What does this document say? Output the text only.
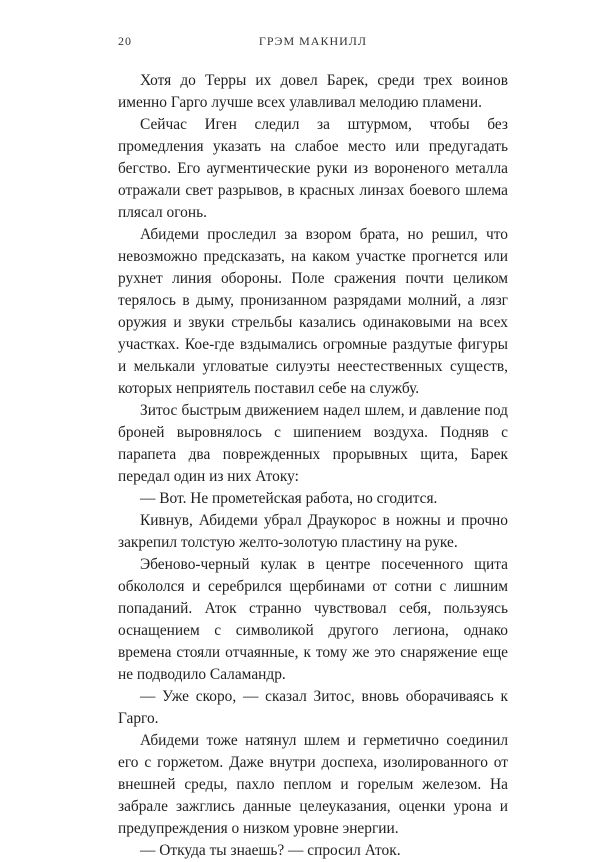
20	ГРЭМ МАКНИЛЛ

Хотя до Терры их довел Барек, среди трех воинов именно Гарго лучше всех улавливал мелодию пламени.

Сейчас Иген следил за штурмом, чтобы без промедления указать на слабое место или предугадать бегство. Его аугментические руки из вороненого металла отражали свет разрывов, в красных линзах боевого шлема плясал огонь.

Абидеми проследил за взором брата, но решил, что невозможно предсказать, на каком участке прогнется или рухнет линия обороны. Поле сражения почти целиком терялось в дыму, пронизанном разрядами молний, а лязг оружия и звуки стрельбы казались одинаковыми на всех участках. Кое-где вздымались огромные раздутые фигуры и мелькали угловатые силуэты неестественных существ, которых неприятель поставил себе на службу.

Зитос быстрым движением надел шлем, и давление под броней выровнялось с шипением воздуха. Подняв с парапета два поврежденных прорывных щита, Барек передал один из них Атоку:

— Вот. Не прометейская работа, но сгодится.

Кивнув, Абидеми убрал Драукорос в ножны и прочно закрепил толстую желто-золотую пластину на руке.

Эбеново-черный кулак в центре посеченного щита обкололся и серебрился щербинами от сотни с лишним попаданий. Аток странно чувствовал себя, пользуясь оснащением с символикой другого легиона, однако времена стояли отчаянные, к тому же это снаряжение еще не подводило Саламандр.

— Уже скоро, — сказал Зитос, вновь оборачиваясь к Гарго.

Абидеми тоже натянул шлем и герметично соединил его с горжетом. Даже внутри доспеха, изолированного от внешней среды, пахло пеплом и горелым железом. На забрале зажглись данные целеуказания, оценки урона и предупреждения о низком уровне энергии.

— Откуда ты знаешь? — спросил Аток.
